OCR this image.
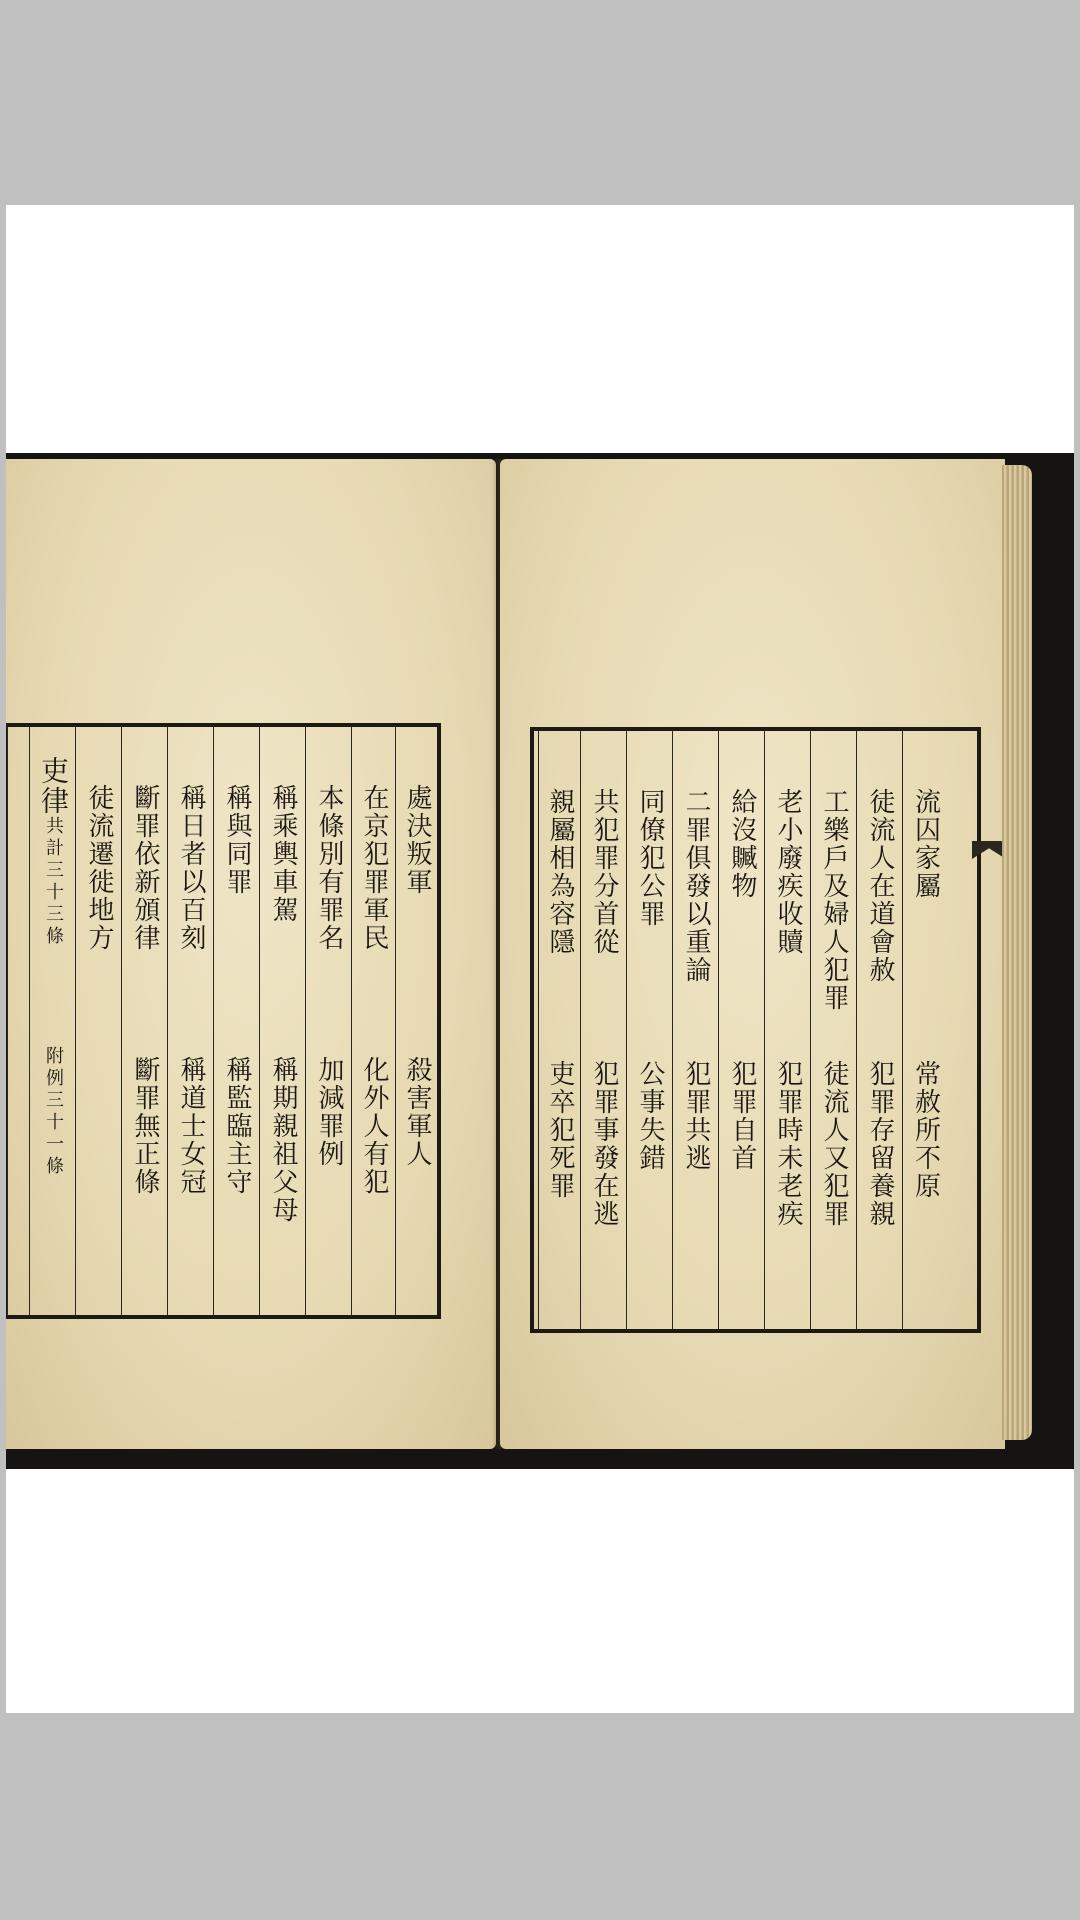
處決叛軍
殺害軍人
在京犯罪軍民
化外人有犯
本條別有罪名
加減罪例
稱乘輿車駕
稱期親祖父母
稱與同罪
稱監臨主守
稱日者以百刻
稱道士女冠
斷罪依新頒律
斷罪無正條
徒流遷徙地方
吏律
共計三十三條
附例三十一條
流囚家屬
常赦所不原
徒流人在道會赦
犯罪存留養親
工樂戶及婦人犯罪
徒流人又犯罪
老小廢疾收贖
犯罪時未老疾
給沒贓物
犯罪自首
二罪俱發以重論
犯罪共逃
同僚犯公罪
公事失錯
共犯罪分首從
犯罪事發在逃
親屬相為容隱
吏卒犯死罪
